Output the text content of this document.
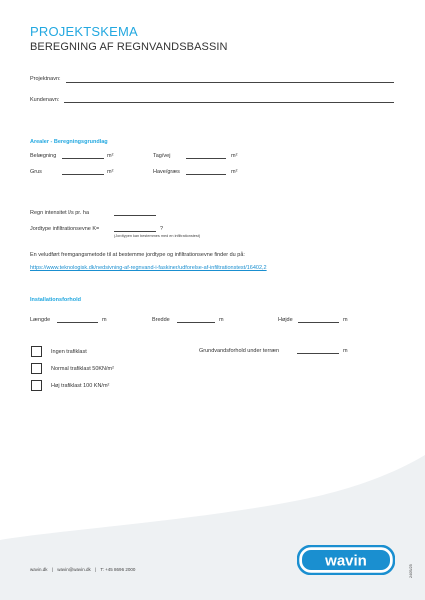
PROJEKTSKEMA
BEREGNING AF REGNVANDSBASSIN
Projektnavn:
Kundenavn:
Arealer - Beregningsgrundlag
Belægning	m²	Tag/vej	m²
Grus	m²	Have/græs	m²
Regn intensitet l/s pr. ha
Jordtype infiltrationsevne K=	?
(Jordtypen kan bestemmes med en infiltrationstest)
En veludført fremgangsmetode til at bestemme jordtype og infiltrationsevne finder du på:
https://www.teknologisk.dk/nedsivning-af-regnvand-i-faskiner/udforelse-af-infiltrationstest/16402,2
Installationsforhold
Længde	m	Bredde	m	Højde	m
Grundvandsforhold under terræn	m
Ingen trafiklast
Normal trafiklast 50KN/m²
Høj trafiklast 100 KN/m²
wavin.dk | wavin@wavin.dk | T: +45 8696 2000	wavin
2405/25
